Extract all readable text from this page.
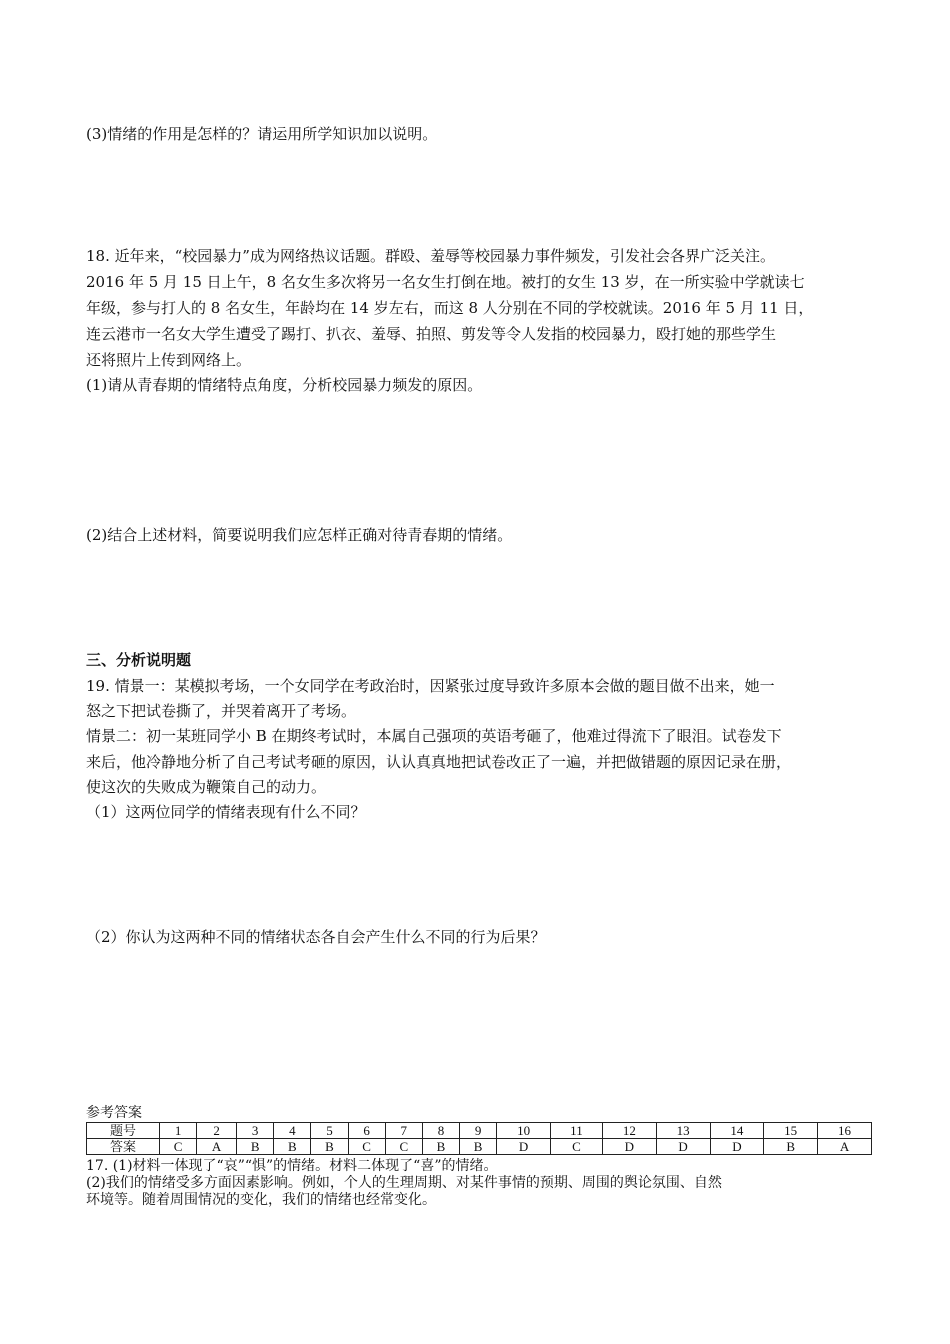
(3)情绪的作用是怎样的？请运用所学知识加以说明。
18. 近年来，“校园暴力”成为网络热议话题。群殴、羞辱等校园暴力事件频发，引发社会各界广泛关注。
2016 年 5 月 15 日上午，8 名女生多次将另一名女生打倒在地。被打的女生 13 岁，在一所实验中学就读七
年级，参与打人的 8 名女生，年龄均在 14 岁左右，而这 8 人分别在不同的学校就读。2016 年 5 月 11 日，
连云港市一名女大学生遭受了踢打、扒衣、羞辱、拍照、剪发等令人发指的校园暴力，殴打她的那些学生
还将照片上传到网络上。
(1)请从青春期的情绪特点角度，分析校园暴力频发的原因。
(2)结合上述材料，简要说明我们应怎样正确对待青春期的情绪。
三、分析说明题
19. 情景一：某模拟考场，一个女同学在考政治时，因紧张过度导致许多原本会做的题目做不出来，她一
怒之下把试卷撕了，并哭着离开了考场。
情景二：初一某班同学小 B 在期终考试时，本属自己强项的英语考砸了，他难过得流下了眼泪。试卷发下
来后，他冷静地分析了自己考试考砸的原因，认认真真地把试卷改正了一遍，并把做错题的原因记录在册，
使这次的失败成为鞭策自己的动力。
（1）这两位同学的情绪表现有什么不同？
（2）你认为这两种不同的情绪状态各自会产生什么不同的行为后果？
参考答案
题号	1	2	3	4	5	6	7	8	9	10	11	12	13	14	15	16
答案	C	A	B	B	B	C	C	B	B	D	C	D	D	D	B	A
17. (1)材料一体现了“哀”“惧”的情绪。材料二体现了“喜”的情绪。
(2)我们的情绪受多方面因素影响。例如，个人的生理周期、对某件事情的预期、周围的舆论氛围、自然
环境等。随着周围情况的变化，我们的情绪也经常变化。
